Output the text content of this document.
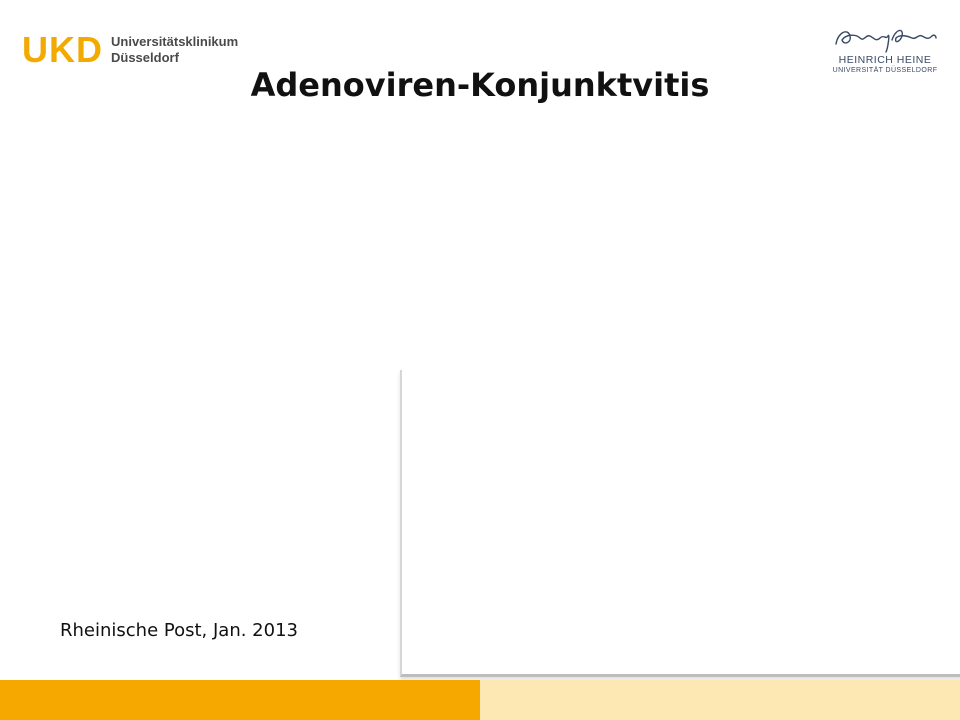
UKD Universitätsklinikum
Düsseldorf	HEINRICH HEINE
UNIVERSITÄT DÜSSELDORF
Adenoviren-Konjunktvitis
Rheinische Post, Jan. 2013
